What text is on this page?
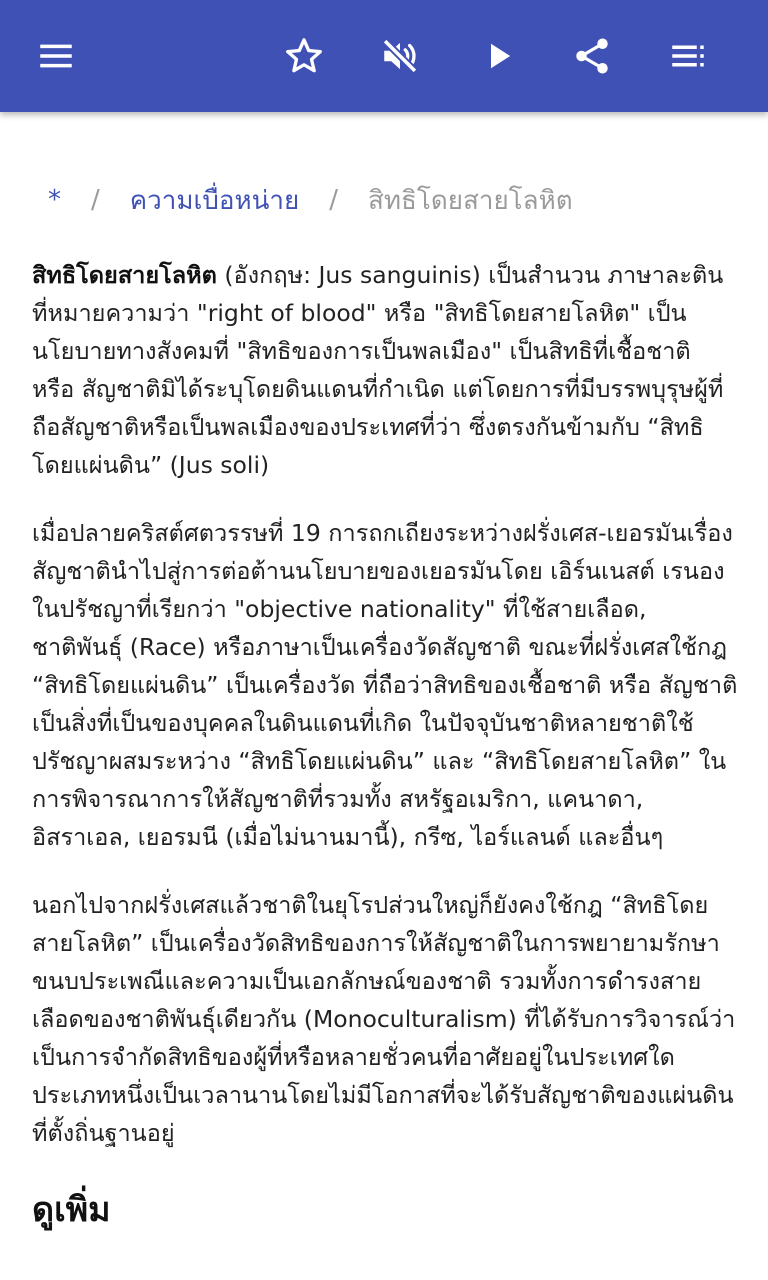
* / ความเบื่อหน่าย / สิทธิโดยสายโลหิต

สิทธิโดยสายโลหิต (อังกฤษ: Jus sanguinis) เป็นสำนวน ภาษาละติน ที่หมายความว่า "right of blood" หรือ "สิทธิโดยสายโลหิต" เป็นนโยบายทางสังคมที่ "สิทธิของการเป็นพลเมือง" เป็นสิทธิที่เชื้อชาติ หรือ สัญชาติมิได้ระบุโดยดินแดนที่กำเนิด แต่โดยการที่มีบรรพบุรุษผู้ที่ถือสัญชาติหรือเป็นพลเมืองของประเทศที่ว่า ซึ่งตรงกันข้ามกับ “สิทธิโดยแผ่นดิน” (Jus soli)

เมื่อปลายคริสต์ศตวรรษที่ 19 การถกเถียงระหว่างฝรั่งเศส-เยอรมันเรื่องสัญชาตินำไปสู่การต่อต้านนโยบายของเยอรมันโดย เอิร์นเนสต์ เรนอง ในปรัชญาที่เรียกว่า "objective nationality" ที่ใช้สายเลือด, ชาติพันธุ์ (Race) หรือภาษาเป็นเครื่องวัดสัญชาติ ขณะที่ฝรั่งเศสใช้กฎ “สิทธิโดยแผ่นดิน” เป็นเครื่องวัด ที่ถือว่าสิทธิของเชื้อชาติ หรือ สัญชาติเป็นสิ่งที่เป็นของบุคคลในดินแดนที่เกิด ในปัจจุบันชาติหลายชาติใช้ปรัชญาผสมระหว่าง “สิทธิโดยแผ่นดิน” และ “สิทธิโดยสายโลหิต” ในการพิจารณาการให้สัญชาติที่รวมทั้ง สหรัฐอเมริกา, แคนาดา, อิสราเอล, เยอรมนี (เมื่อไม่นานมานี้), กรีซ, ไอร์แลนด์ และอื่นๆ

นอกไปจากฝรั่งเศสแล้วชาติในยุโรปส่วนใหญ่ก็ยังคงใช้กฎ “สิทธิโดยสายโลหิต” เป็นเครื่องวัดสิทธิของการให้สัญชาติในการพยายามรักษาขนบประเพณีและความเป็นเอกลักษณ์ของชาติ รวมทั้งการดำรงสายเลือดของชาติพันธุ์เดียวกัน (Monoculturalism) ที่ได้รับการวิจารณ์ว่าเป็นการจำกัดสิทธิของผู้ที่หรือหลายชั่วคนที่อาศัยอยู่ในประเทศใดประเภทหนึ่งเป็นเวลานานโดยไม่มีโอกาสที่จะได้รับสัญชาติของแผ่นดินที่ตั้งถิ่นฐานอยู่

ดูเพิ่ม
